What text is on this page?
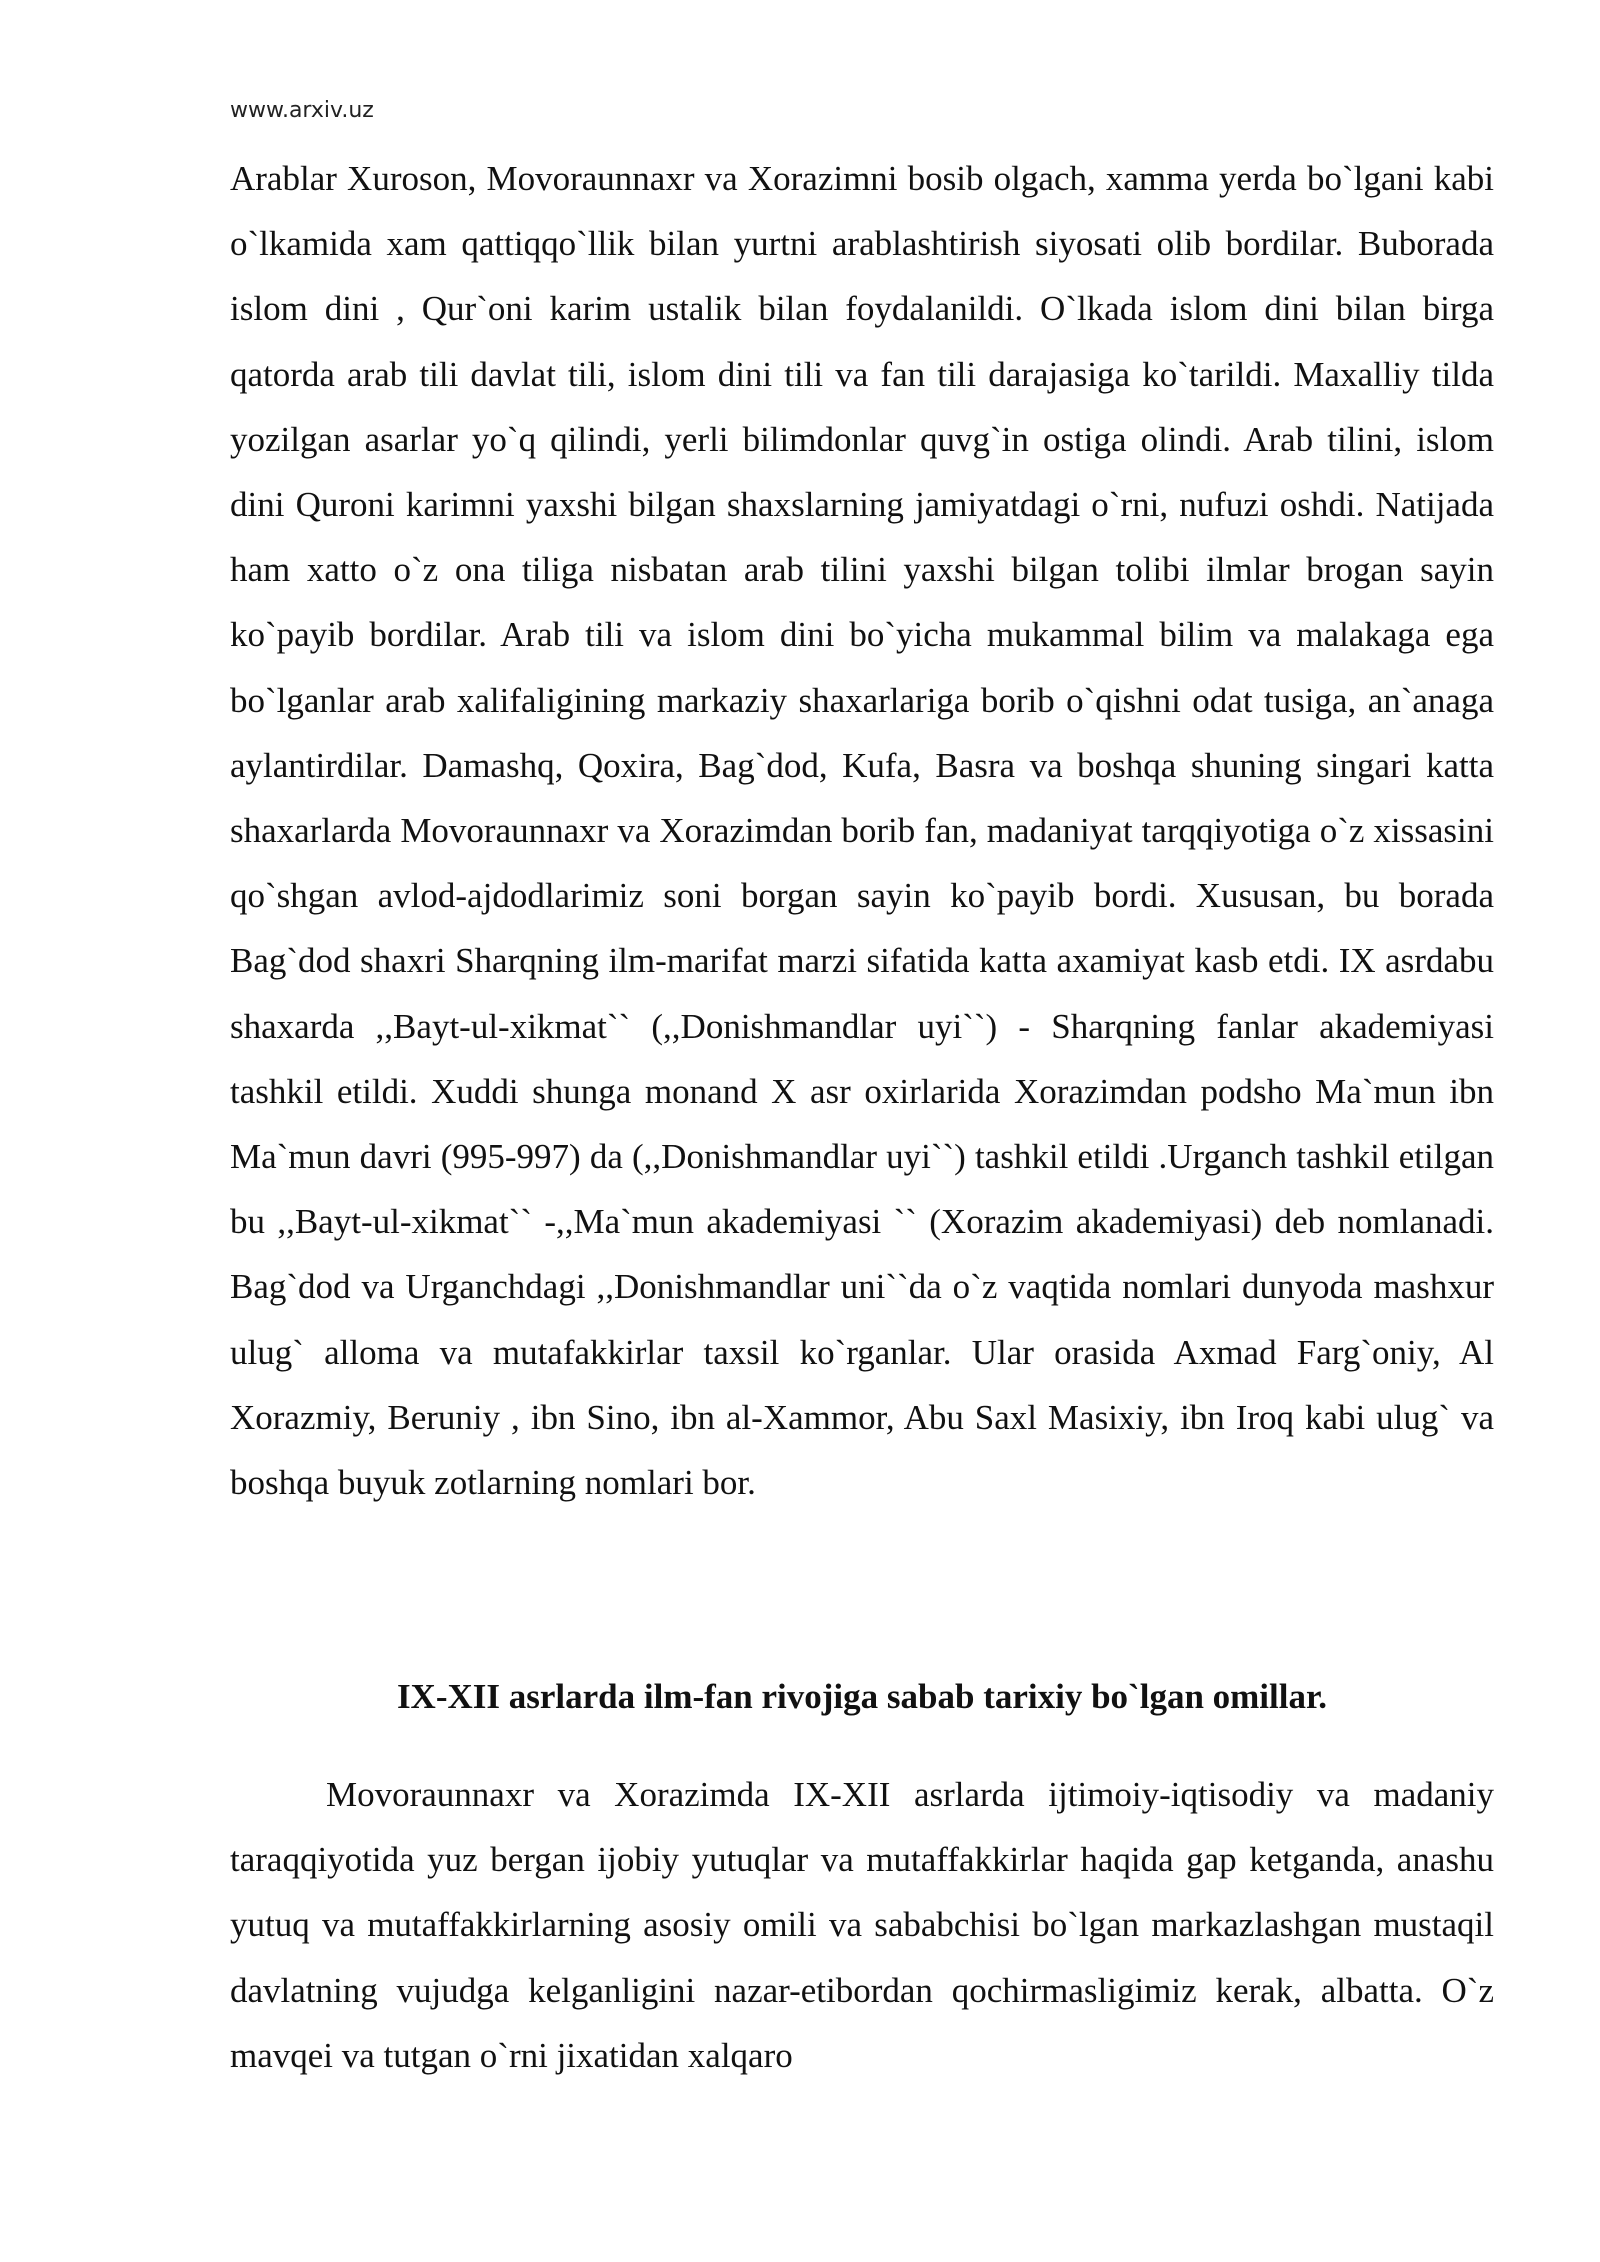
www.arxiv.uz

Arablar Xuroson, Movoraunnaxr va Xorazimni bosib olgach, xamma yerda bo`lgani kabi o`lkamida xam qattiqqo`llik bilan yurtni arablashtirish siyosati olib bordilar. Buborada islom dini , Qur`oni karim ustalik bilan foydalanildi. O`lkada islom dini bilan birga qatorda arab tili davlat tili, islom dini tili va fan tili darajasiga ko`tarildi. Maxalliy tilda yozilgan asarlar yo`q qilindi, yerli bilimdonlar quvg`in ostiga olindi. Arab tilini, islom dini Quroni karimni yaxshi bilgan shaxslarning jamiyatdagi o`rni, nufuzi oshdi. Natijada ham xatto o`z ona tiliga nisbatan arab tilini yaxshi bilgan tolibi ilmlar brogan sayin ko`payib bordilar. Arab tili va islom dini bo`yicha mukammal bilim va malakaga ega bo`lganlar arab xalifaligining markaziy shaxarlariga borib o`qishni odat tusiga, an`anaga aylantirdilar. Damashq, Qoxira, Bag`dod, Kufa, Basra va boshqa shuning singari katta shaxarlarda Movoraunnaxr va Xorazimdan borib fan, madaniyat tarqqiyotiga o`z xissasini qo`shgan avlod-ajdodlarimiz soni borgan sayin ko`payib bordi. Xususan, bu borada Bag`dod shaxri Sharqning ilm-marifat marzi sifatida katta axamiyat kasb etdi. IX asrdabu shaxarda ,,Bayt-ul-xikmat`` (,,Donishmandlar uyi``) - Sharqning fanlar akademiyasi tashkil etildi. Xuddi shunga monand X asr oxirlarida Xorazimdan podsho Ma`mun ibn Ma`mun davri (995-997) da (,,Donishmandlar uyi``) tashkil etildi .Urganch tashkil etilgan bu ,,Bayt-ul-xikmat`` -,,Ma`mun akademiyasi `` (Xorazim akademiyasi) deb nomlanadi. Bag`dod va Urganchdagi ,,Donishmandlar uni``da o`z vaqtida nomlari dunyoda mashxur ulug` alloma va mutafakkirlar taxsil ko`rganlar. Ular orasida Axmad Farg`oniy, Al Xorazmiy, Beruniy , ibn Sino, ibn al-Xammor, Abu Saxl Masixiy, ibn Iroq kabi ulug` va boshqa buyuk zotlarning nomlari bor.

IX-XII asrlarda ilm-fan rivojiga sabab tarixiy bo`lgan omillar.

Movoraunnaxr va Xorazimda IX-XII asrlarda ijtimoiy-iqtisodiy va madaniy taraqqiyotida yuz bergan ijobiy yutuqlar va mutaffakkirlar haqida gap ketganda, anashu yutuq va mutaffakkirlarning asosiy omili va sababchisi bo`lgan markazlashgan mustaqil davlatning vujudga kelganligini nazar-etibordan qochirmasligimiz kerak, albatta. O`z mavqei va tutgan o`rni jixatidan xalqaro
